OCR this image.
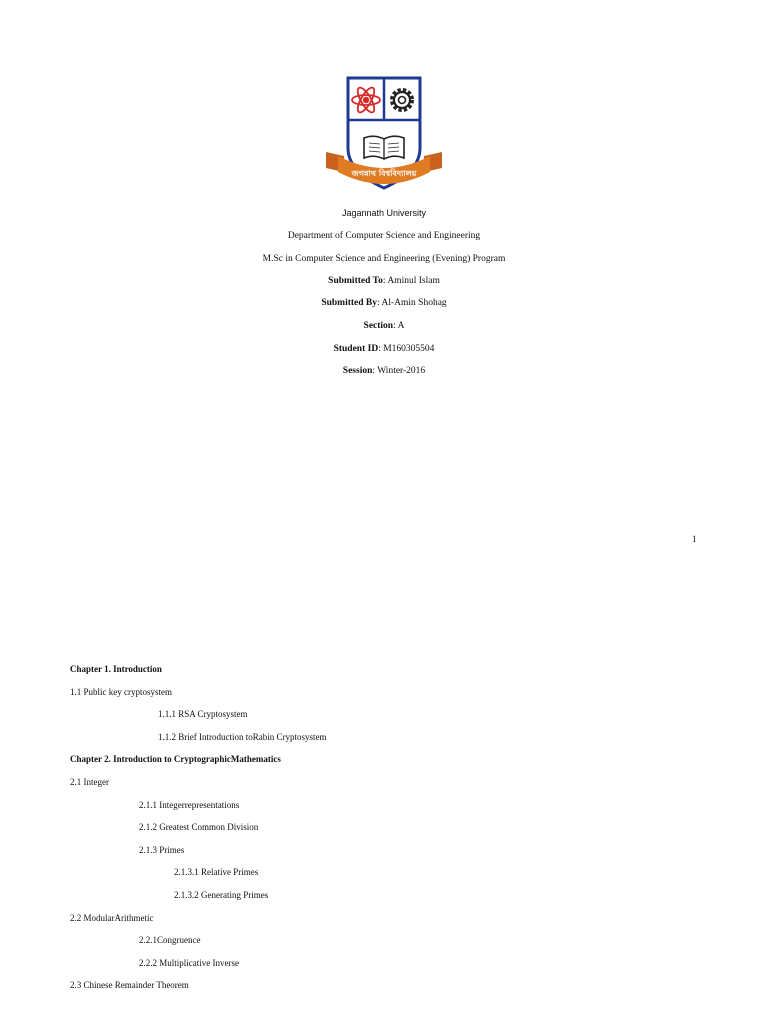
জগন্নাথ বিশ্ববিদ্যালয়
Jagannath University
Department of Computer Science and Engineering
M.Sc in Computer Science and Engineering (Evening) Program
Submitted To: Aminul Islam
Submitted By: Al-Amin Shohag
Section: A
Student ID: M160305504
Session: Winter-2016
1
Chapter 1. Introduction
1.1 Public key cryptosystem
1.1.1 RSA Cryptosystem
1.1.2 Brief Introduction toRabin Cryptosystem
Chapter 2. Introduction to CryptographicMathematics
2.1 Integer
2.1.1 Integerrepresentations
2.1.2 Greatest Common Division
2.1.3 Primes
2.1.3.1 Relative Primes
2.1.3.2 Generating Primes
2.2 ModularArithmetic
2.2.1Congruence
2.2.2 Multiplicative Inverse
2.3 Chinese Remainder Theorem
